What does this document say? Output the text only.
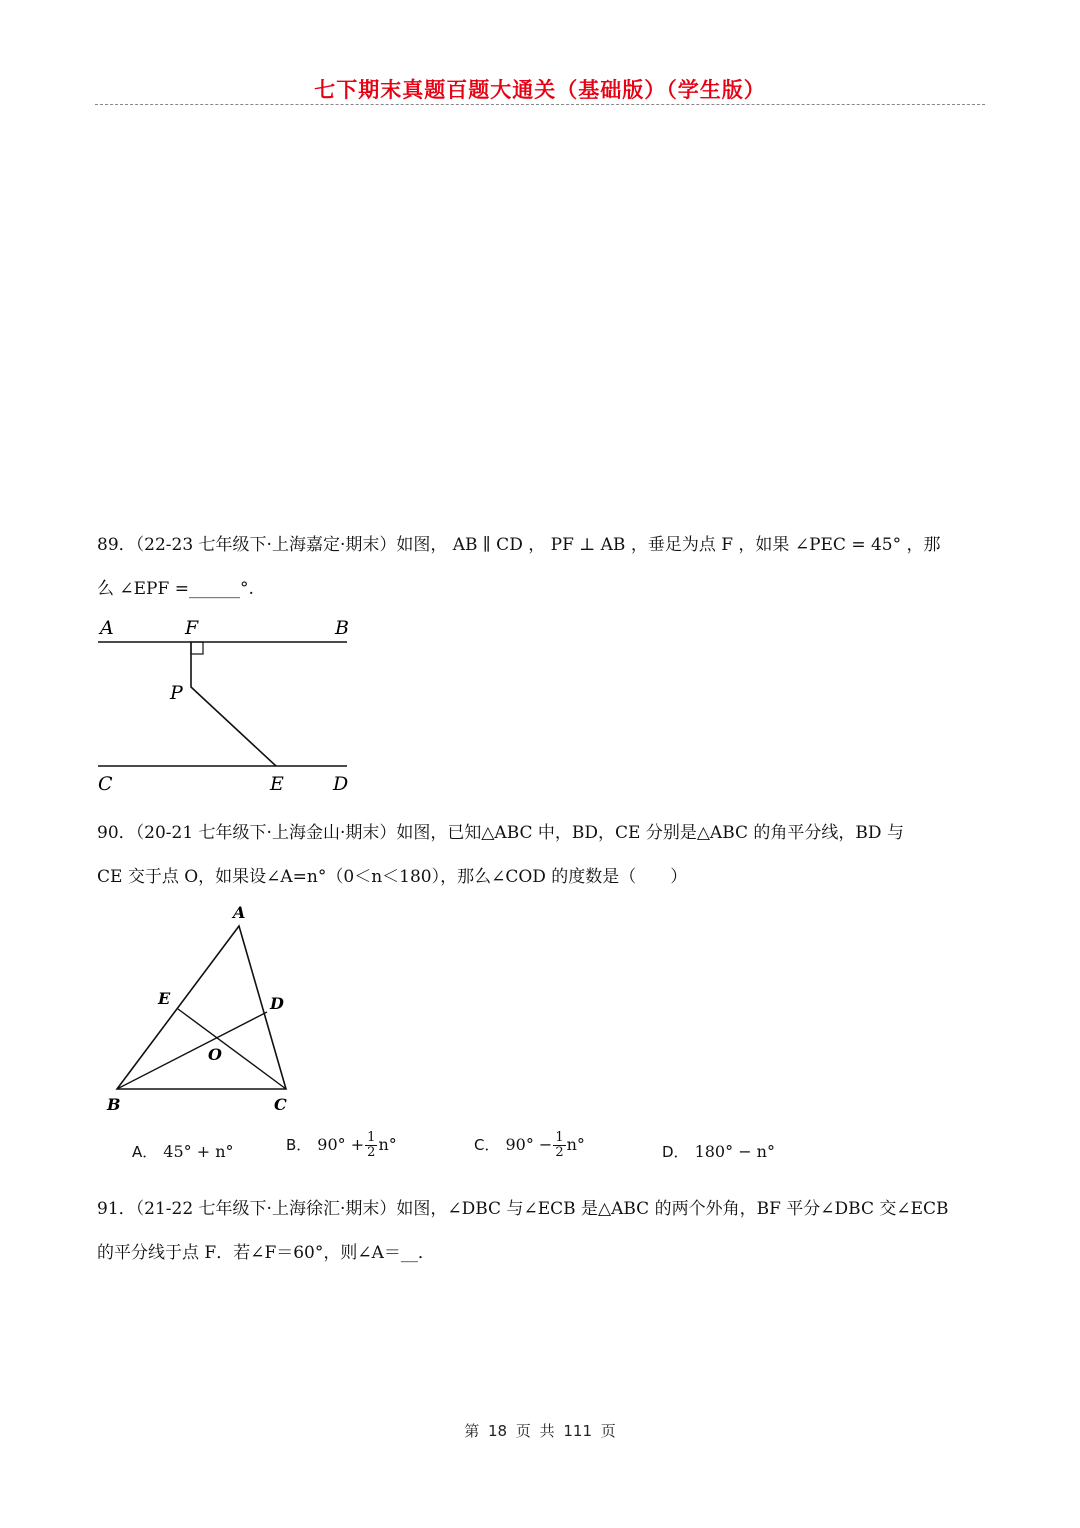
七下期末真题百题大通关（基础版）（学生版）
89．（22-23 七年级下·上海嘉定·期末）如图， AB ∥ CD ， PF ⊥ AB ，垂足为点 F ，如果 ∠PEC = 45° ，那
么 ∠EPF =______°.
A	F	B
P
C	E	D
90．（20-21 七年级下·上海金山·期末）如图，已知△ABC 中，BD，CE 分别是△ABC 的角平分线，BD 与
CE 交于点 O，如果设∠A=n°（0＜n＜180），那么∠COD 的度数是（　　）
A
E	D
O
B	C
A． 45° + n°	B． $90^\circ + \frac{1}{2} n^\circ$	C． $90^\circ - \frac{1}{2} n^\circ$	D． 180° − n°
91．（21-22 七年级下·上海徐汇·期末）如图，∠DBC 与∠ECB 是△ABC 的两个外角，BF 平分∠DBC 交∠ECB
的平分线于点 F．若∠F＝60°，则∠A＝__．
第 18 页 共 111 页
